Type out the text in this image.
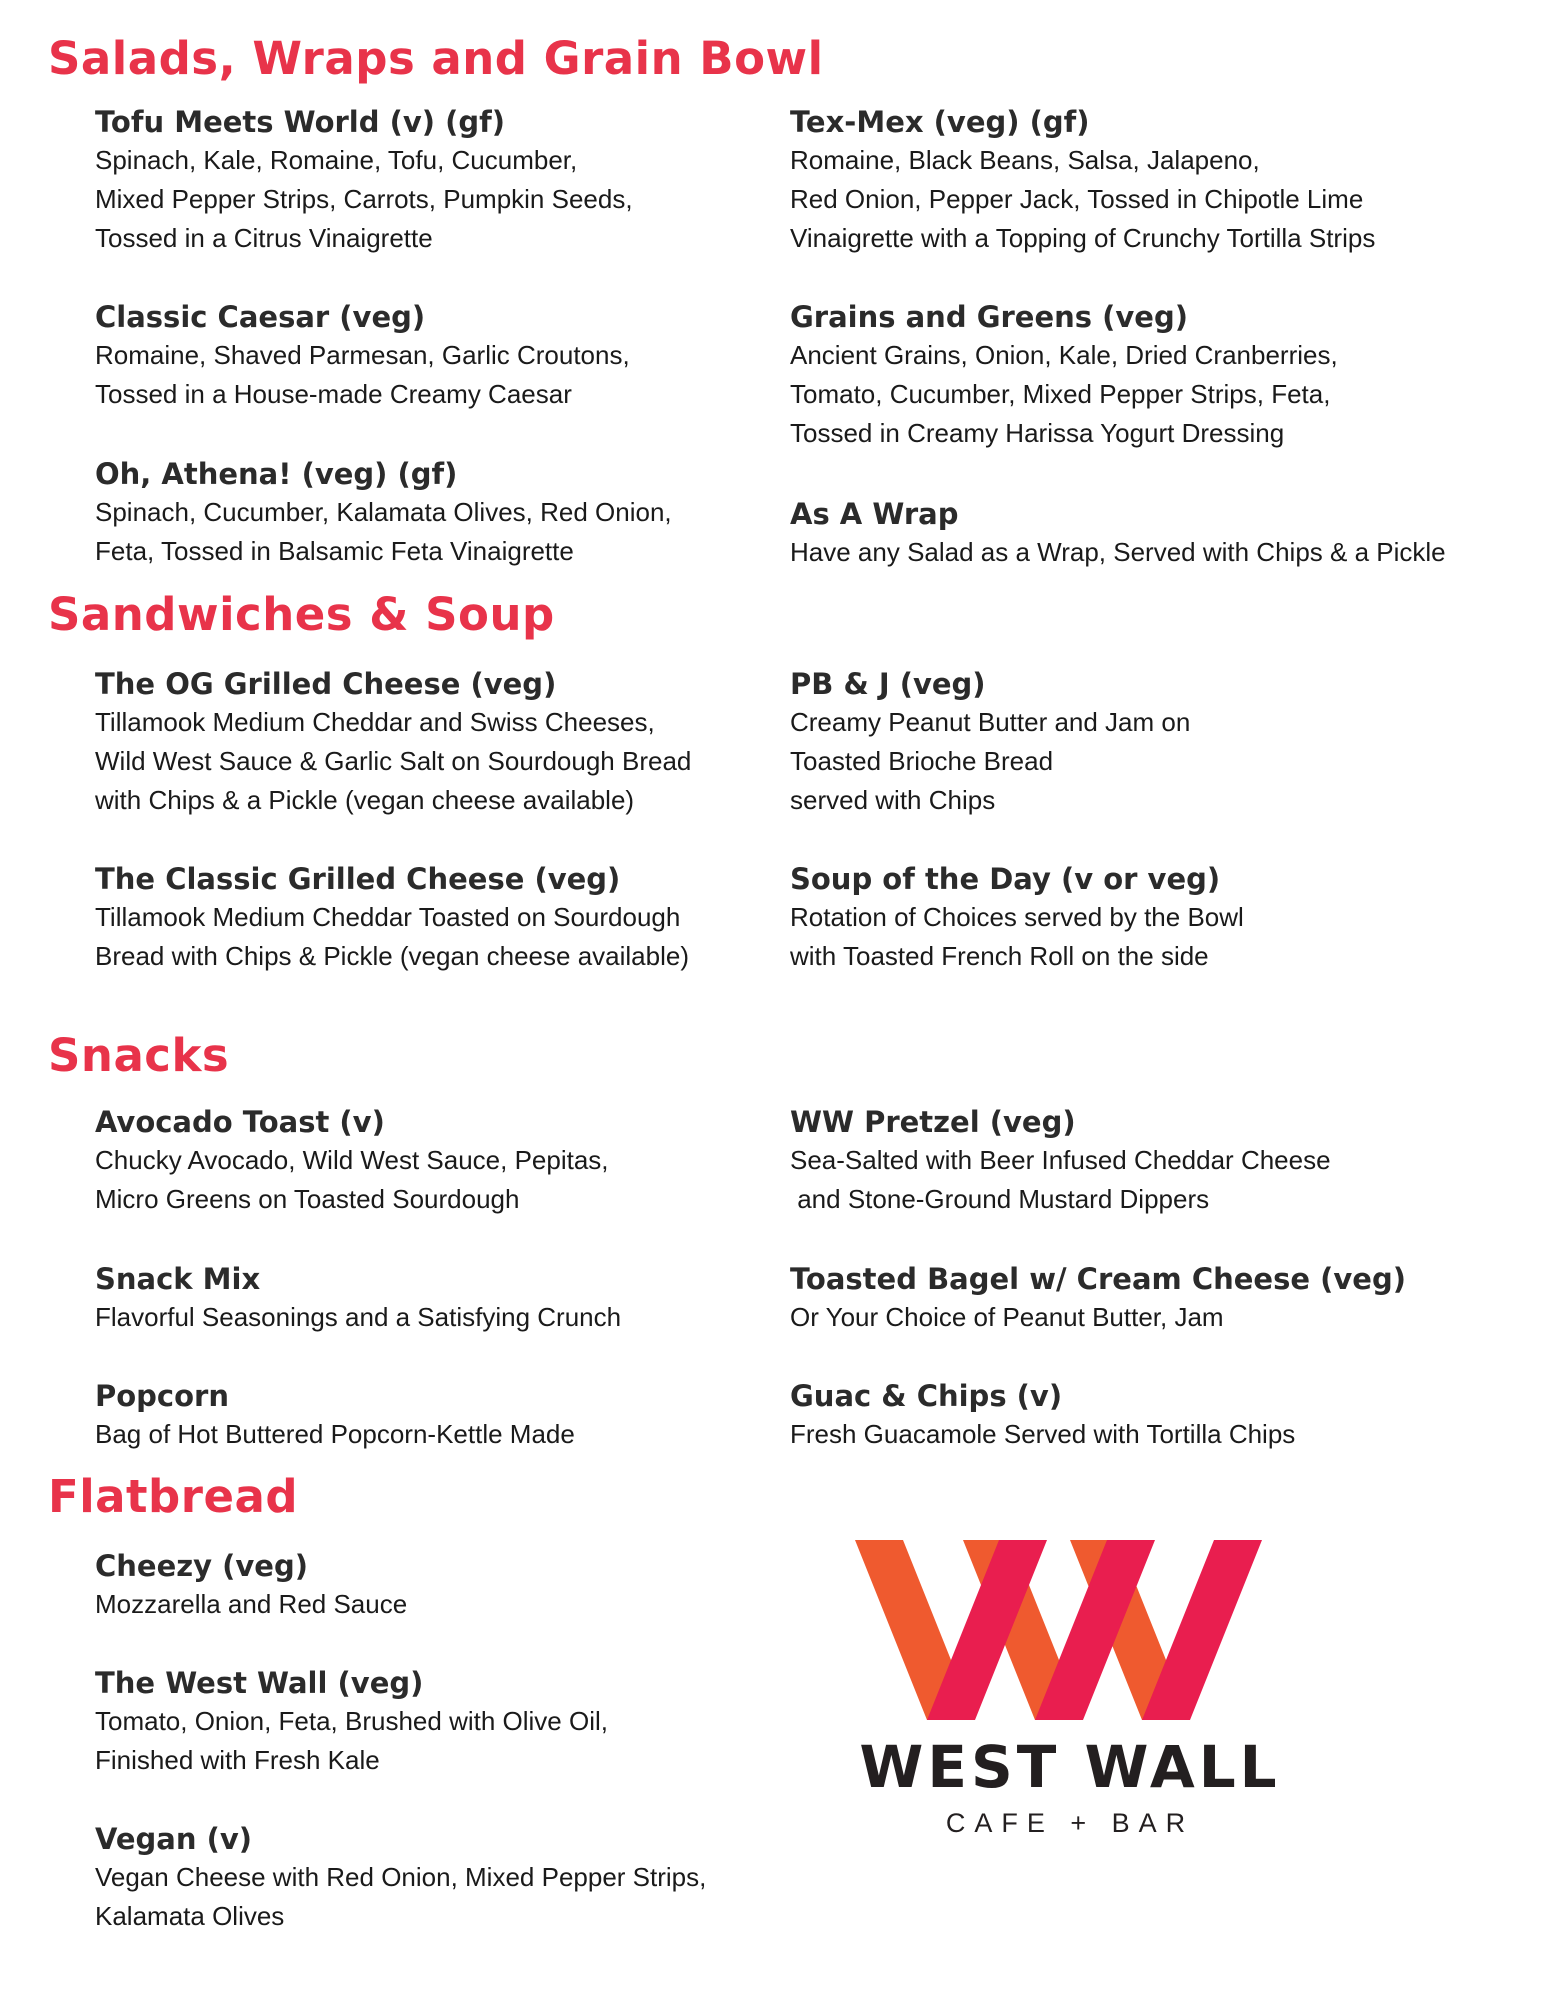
Salads, Wraps and Grain Bowl
Tofu Meets World (v) (gf)
Spinach, Kale, Romaine, Tofu, Cucumber,
Mixed Pepper Strips, Carrots, Pumpkin Seeds,
Tossed in a Citrus Vinaigrette
Tex-Mex (veg) (gf)
Romaine, Black Beans, Salsa, Jalapeno,
Red Onion, Pepper Jack, Tossed in Chipotle Lime
Vinaigrette with a Topping of Crunchy Tortilla Strips
Classic Caesar (veg)
Romaine, Shaved Parmesan, Garlic Croutons,
Tossed in a House-made Creamy Caesar
Grains and Greens (veg)
Ancient Grains, Onion, Kale, Dried Cranberries,
Tomato, Cucumber, Mixed Pepper Strips, Feta,
Tossed in Creamy Harissa Yogurt Dressing
Oh, Athena! (veg) (gf)
Spinach, Cucumber, Kalamata Olives, Red Onion,
Feta, Tossed in Balsamic Feta Vinaigrette
As A Wrap
Have any Salad as a Wrap, Served with Chips & a Pickle
Sandwiches & Soup
The OG Grilled Cheese (veg)
Tillamook Medium Cheddar and Swiss Cheeses,
Wild West Sauce & Garlic Salt on Sourdough Bread
with Chips & a Pickle (vegan cheese available)
PB & J (veg)
Creamy Peanut Butter and Jam on
Toasted Brioche Bread
served with Chips
The Classic Grilled Cheese (veg)
Tillamook Medium Cheddar Toasted on Sourdough
Bread with Chips & Pickle (vegan cheese available)
Soup of the Day (v or veg)
Rotation of Choices served by the Bowl
with Toasted French Roll on the side
Snacks
Avocado Toast (v)
Chucky Avocado, Wild West Sauce, Pepitas,
Micro Greens on Toasted Sourdough
WW Pretzel (veg)
Sea-Salted with Beer Infused Cheddar Cheese
and Stone-Ground Mustard Dippers
Snack Mix
Flavorful Seasonings and a Satisfying Crunch
Toasted Bagel w/ Cream Cheese (veg)
Or Your Choice of Peanut Butter, Jam
Popcorn
Bag of Hot Buttered Popcorn-Kettle Made
Guac & Chips (v)
Fresh Guacamole Served with Tortilla Chips
Flatbread
Cheezy (veg)
Mozzarella and Red Sauce
The West Wall (veg)
Tomato, Onion, Feta, Brushed with Olive Oil,
Finished with Fresh Kale
Vegan (v)
Vegan Cheese with Red Onion, Mixed Pepper Strips,
Kalamata Olives
WEST WALL
CAFE + BAR
